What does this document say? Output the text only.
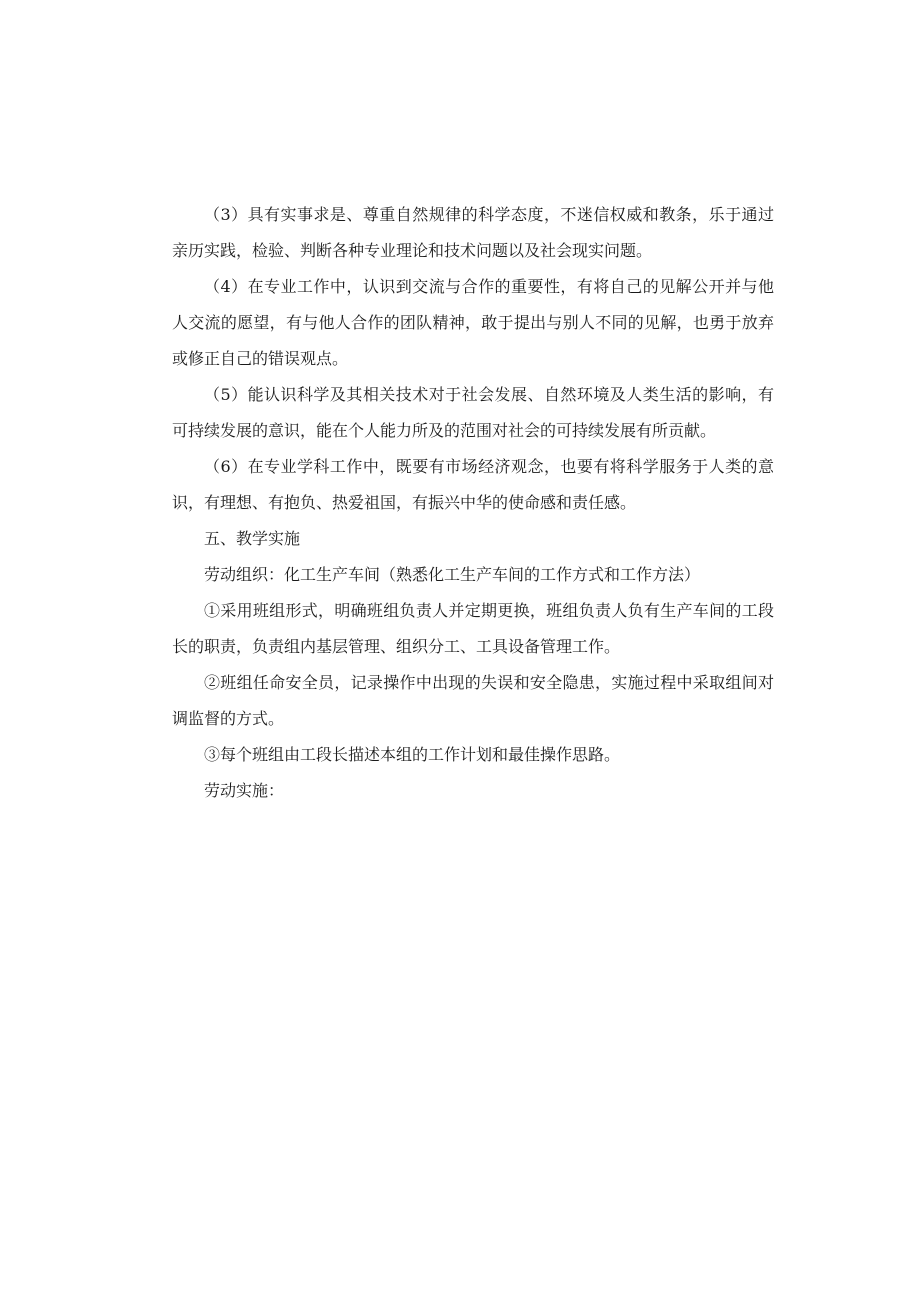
（3）具有实事求是、尊重自然规律的科学态度，不迷信权威和教条，乐于通过亲历实践，检验、判断各种专业理论和技术问题以及社会现实问题。

（4）在专业工作中，认识到交流与合作的重要性，有将自己的见解公开并与他人交流的愿望，有与他人合作的团队精神，敢于提出与别人不同的见解，也勇于放弃或修正自己的错误观点。

（5）能认识科学及其相关技术对于社会发展、自然环境及人类生活的影响，有可持续发展的意识，能在个人能力所及的范围对社会的可持续发展有所贡献。

（6）在专业学科工作中，既要有市场经济观念，也要有将科学服务于人类的意识，有理想、有抱负、热爱祖国，有振兴中华的使命感和责任感。

五、教学实施

劳动组织：化工生产车间（熟悉化工生产车间的工作方式和工作方法）

①采用班组形式，明确班组负责人并定期更换，班组负责人负有生产车间的工段长的职责，负责组内基层管理、组织分工、工具设备管理工作。

②班组任命安全员，记录操作中出现的失误和安全隐患，实施过程中采取组间对调监督的方式。

③每个班组由工段长描述本组的工作计划和最佳操作思路。

劳动实施：
